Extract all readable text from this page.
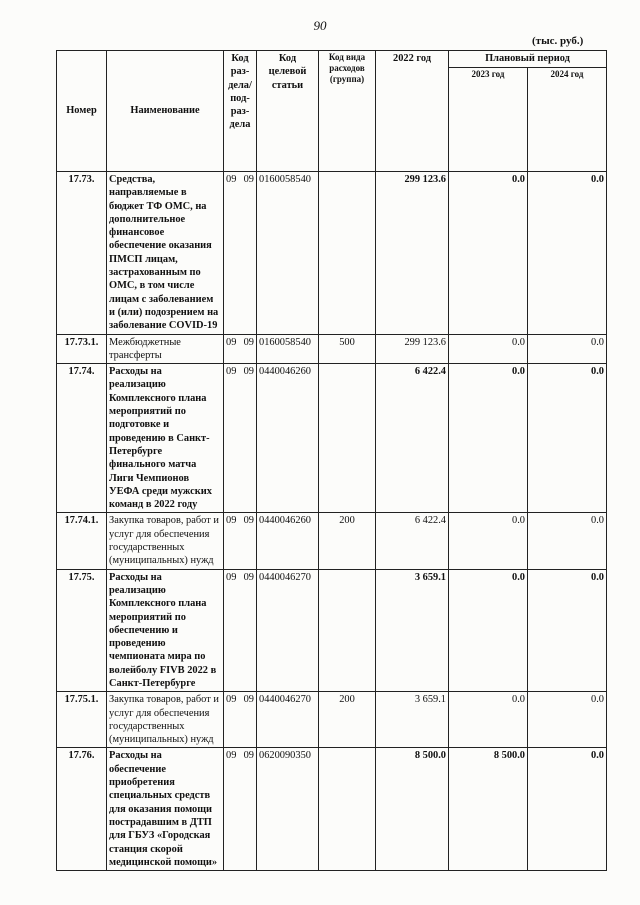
90
(тыс. руб.)
Номер	Наименование	Код раз-дела/ под-раз-дела	Код целевой статьи	Код вида расходов (группа)	2022 год	Плановый период	
						2023 год	2024 год
17.73.	Средства, направляемые в бюджет ТФ ОМС, на дополнительное финансовое обеспечение оказания ПМСП лицам, застрахованным по ОМС, в том числе лицам с заболеванием и (или) подозрением на заболевание COVID-19	09 09	0160058540		299 123.6	0.0	0.0
17.73.1.	Межбюджетные трансферты	09 09	0160058540	500	299 123.6	0.0	0.0
17.74.	Расходы на реализацию Комплексного плана мероприятий по подготовке и проведению в Санкт-Петербурге финального матча Лиги Чемпионов УЕФА среди мужских команд в 2022 году	09 09	0440046260		6 422.4	0.0	0.0
17.74.1.	Закупка товаров, работ и услуг для обеспечения государственных (муниципальных) нужд	09 09	0440046260	200	6 422.4	0.0	0.0
17.75.	Расходы на реализацию Комплексного плана мероприятий по обеспечению и проведению чемпионата мира по волейболу FIVB 2022 в Санкт-Петербурге	09 09	0440046270		3 659.1	0.0	0.0
17.75.1.	Закупка товаров, работ и услуг для обеспечения государственных (муниципальных) нужд	09 09	0440046270	200	3 659.1	0.0	0.0
17.76.	Расходы на обеспечение приобретения специальных средств для оказания помощи пострадавшим в ДТП для ГБУЗ «Городская станция скорой медицинской помощи»	09 09	0620090350		8 500.0	8 500.0	0.0
